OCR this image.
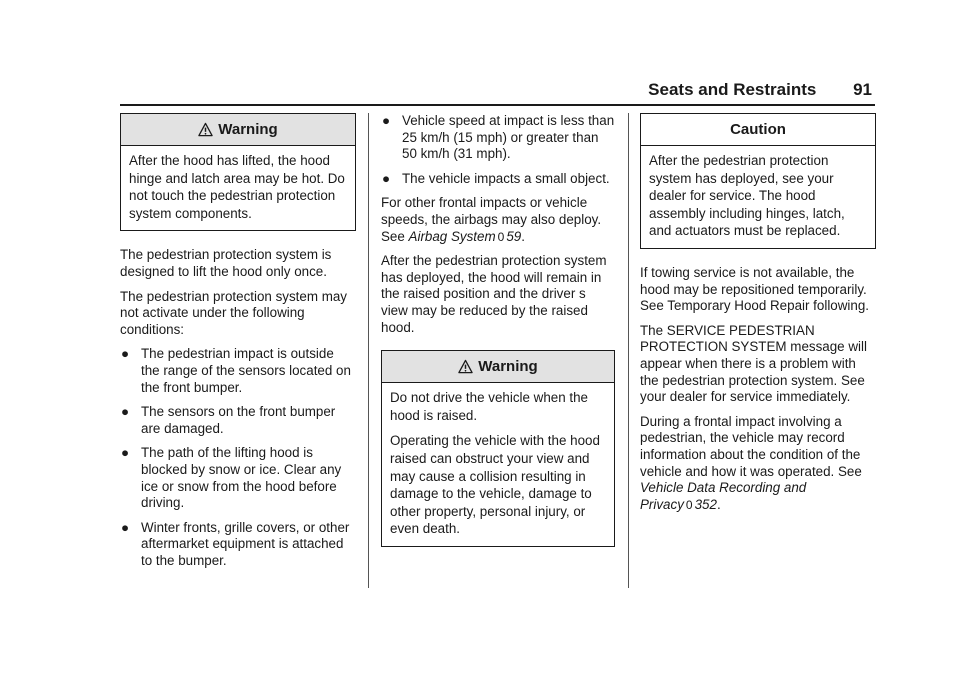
Seats and Restraints 91
Warning

After the hood has lifted, the hood hinge and latch area may be hot. Do not touch the pedestrian protection system components.

The pedestrian protection system is designed to lift the hood only once.

The pedestrian protection system may not activate under the following conditions:

● The pedestrian impact is outside the range of the sensors located on the front bumper.
● The sensors on the front bumper are damaged.
● The path of the lifting hood is blocked by snow or ice. Clear any ice or snow from the hood before driving.
● Winter fronts, grille covers, or other aftermarket equipment is attached to the bumper.
● Vehicle speed at impact is less than 25 km/h (15 mph) or greater than 50 km/h (31 mph).
● The vehicle impacts a small object.

For other frontal impacts or vehicle speeds, the airbags may also deploy. See Airbag System 0 59.

After the pedestrian protection system has deployed, the hood will remain in the raised position and the driver s view may be reduced by the raised hood.

Warning

Do not drive the vehicle when the hood is raised.

Operating the vehicle with the hood raised can obstruct your view and may cause a collision resulting in damage to the vehicle, damage to other property, personal injury, or even death.

Caution

After the pedestrian protection system has deployed, see your dealer for service. The hood assembly including hinges, latch, and actuators must be replaced.

If towing service is not available, the hood may be repositioned temporarily. See Temporary Hood Repair following.

The SERVICE PEDESTRIAN PROTECTION SYSTEM message will appear when there is a problem with the pedestrian protection system. See your dealer for service immediately.

During a frontal impact involving a pedestrian, the vehicle may record information about the condition of the vehicle and how it was operated. See Vehicle Data Recording and Privacy 0 352.
